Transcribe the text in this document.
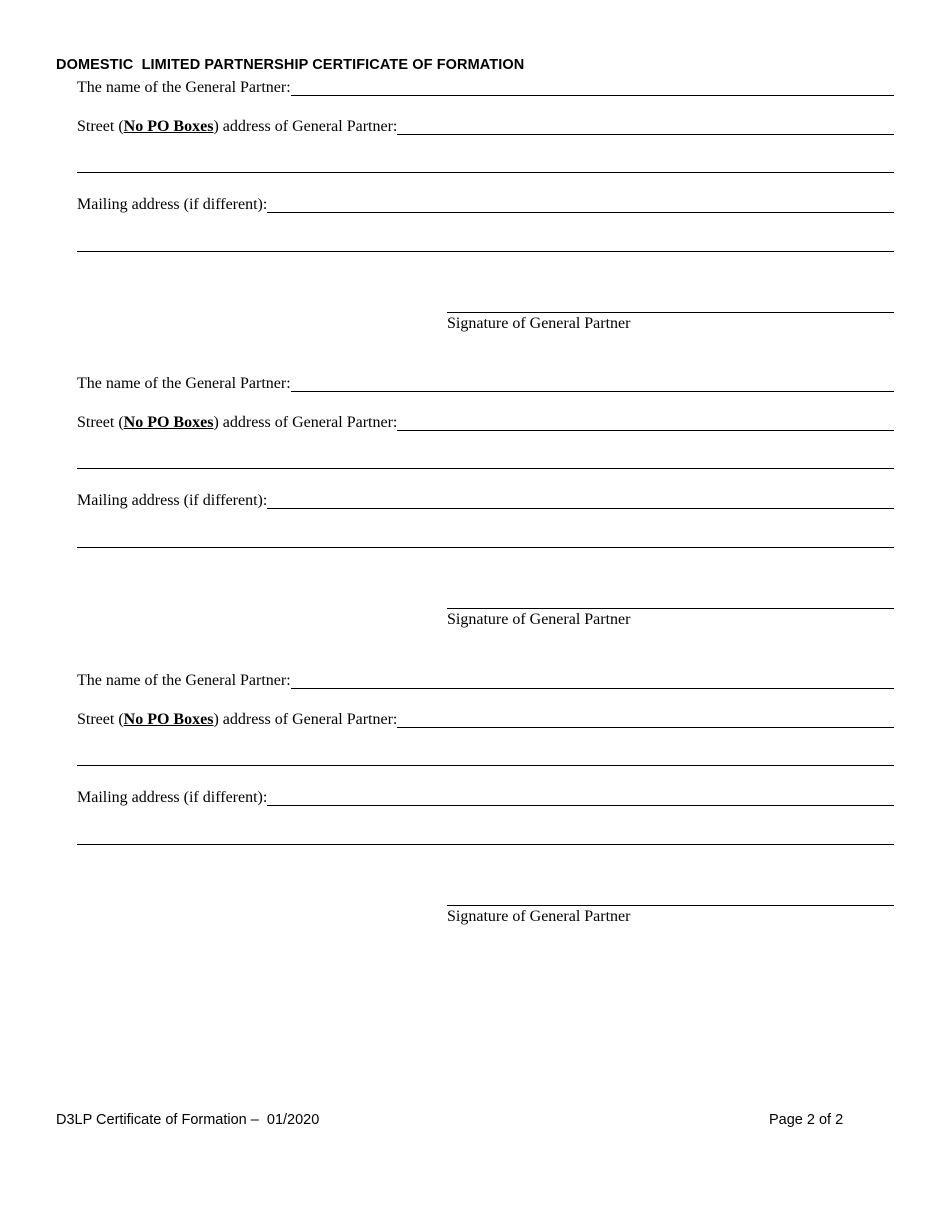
DOMESTIC  LIMITED PARTNERSHIP CERTIFICATE OF FORMATION
The name of the General Partner:
Street (No PO Boxes) address of General Partner:
Mailing address (if different):
Signature of General Partner
The name of the General Partner:
Street (No PO Boxes) address of General Partner:
Mailing address (if different):
Signature of General Partner
The name of the General Partner:
Street (No PO Boxes) address of General Partner:
Mailing address (if different):
Signature of General Partner
D3LP Certificate of Formation –  01/2020	Page 2 of 2
